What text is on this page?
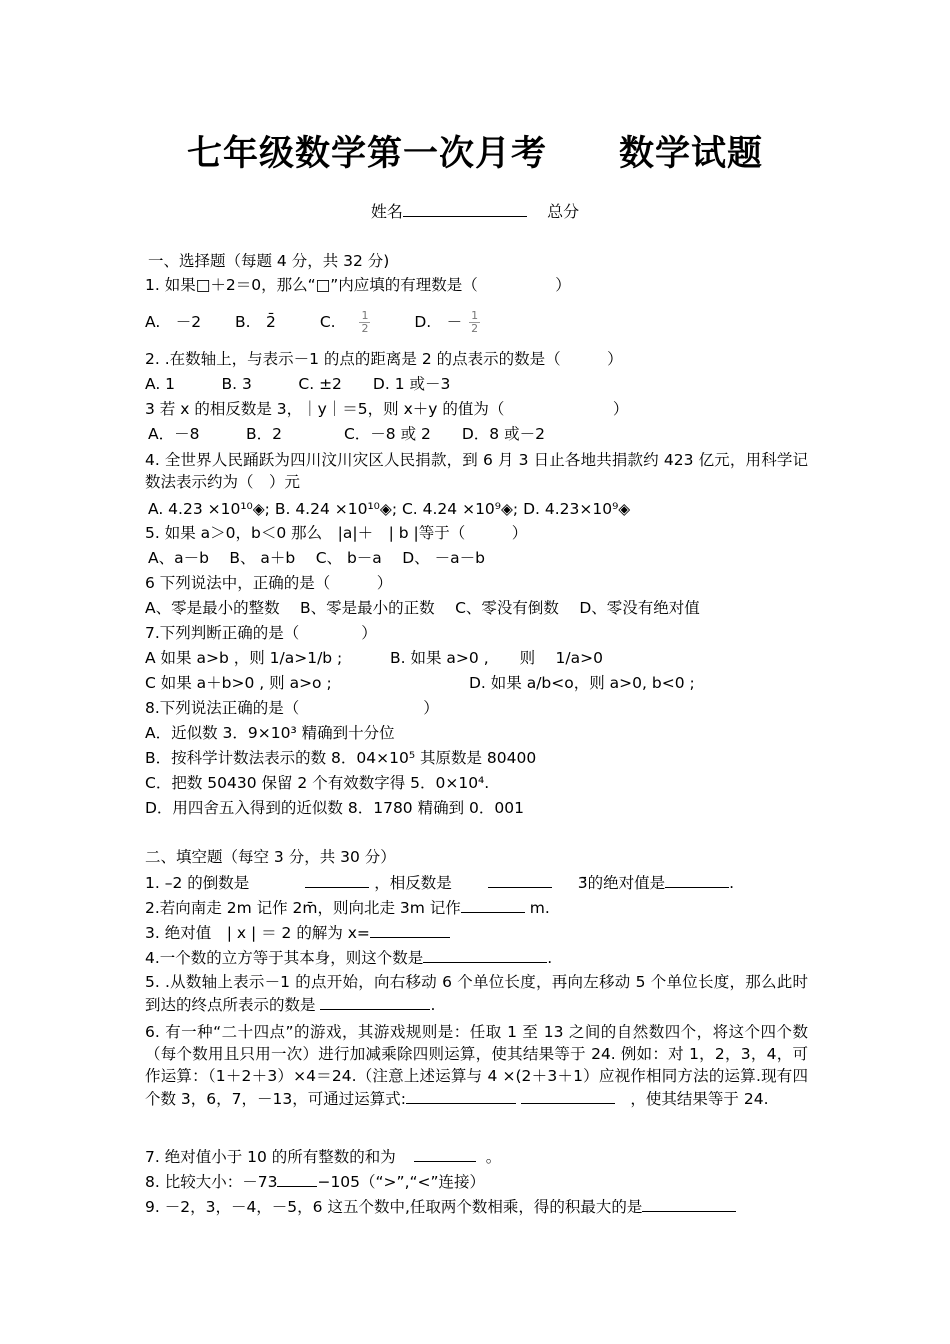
七年级数学第一次月考　　数学试题
姓名	总分
一、选择题（每题 4 分，共 32 分)
1. 如果□＋2＝0，那么“□”内应填的有理数是（　　　　　）
A.　－2 B.　2̄	C. $\frac{1}{2}$	D.　－ $\frac{1}{2}$
2. .在数轴上，与表示－1 的点的距离是 2 的点表示的数是（　　　）
A. 1　　　B. 3　　　C. ±2　　D. 1 或－3
3 若 x 的相反数是 3，｜y｜＝5，则 x＋y 的值为（　　　　　　　）
A．－8　　　B．2　　　　C．－8 或 2　　D．8 或－2
4. 全世界人民踊跃为四川汶川灾区人民捐款，到 6 月 3 日止各地共捐款约 423 亿元，用科学记数法表示约为（　）元
A. 4.23 ×10¹⁰◈; B. 4.24 ×10¹⁰◈; C. 4.24 ×10⁹◈; D. 4.23×10⁹◈
5. 如果 a＞0，b＜0 那么　|a|＋　| b |等于（　　　）
A、a－b　 B、 a＋b　 C、 b－a　 D、 －a－b
6 下列说法中，正确的是（　　　）
A、零是最小的整数　 B、零是最小的正数　 C、零没有倒数　 D、零没有绝对值
7.下列判断正确的是（　　　　）
A 如果 a>b ，则 1/a>1/b ;	B. 如果 a>0 ,　　则　 1/a>0
C 如果 a＋b>0 , 则 a>o ;	D. 如果 a/b<o，则 a>0, b<0 ;
8.下列说法正确的是（　　　　　　　　）
A．近似数 3．9×10³ 精确到十分位
B．按科学计数法表示的数 8．04×10⁵ 其原数是 80400
C．把数 50430 保留 2 个有效数字得 5．0×10⁴.
D．用四舍五入得到的近似数 8．1780 精确到 0．001
二、填空题（每空 3 分，共 30 分）
1. –2 的倒数是	，相反数是	3̄的绝对值是	.
2.若向南走 2m 记作 2m̄，则向北走 3m 记作	m.
3. 绝对值　| x | ＝ 2 的解为 x=
4.一个数的立方等于其本身，则这个数是	.
5. .从数轴上表示－1 的点开始，向右移动 6 个单位长度，再向左移动 5 个单位长度，那么此时到达的终点所表示的数是	.
6. 有一种“二十四点”的游戏，其游戏规则是：任取 1 至 13 之间的自然数四个，将这个四个数（每个数用且只用一次）进行加减乘除四则运算，使其结果等于 24. 例如：对 1，2，3，4，可作运算：（1＋2＋3）×4＝24.（注意上述运算与 4 ×(2＋3＋1）应视作相同方法的运算.现有四个数 3，6，7，－13，可通过运算式: 　	，使其结果等于 24.
7. 绝对值小于 10 的所有整数的和为	。
8. 比较大小：－73	−105（“>”,“<”连接）
9. －2，3，－4，－5，6 这五个数中,任取两个数相乘，得的积最大的是
